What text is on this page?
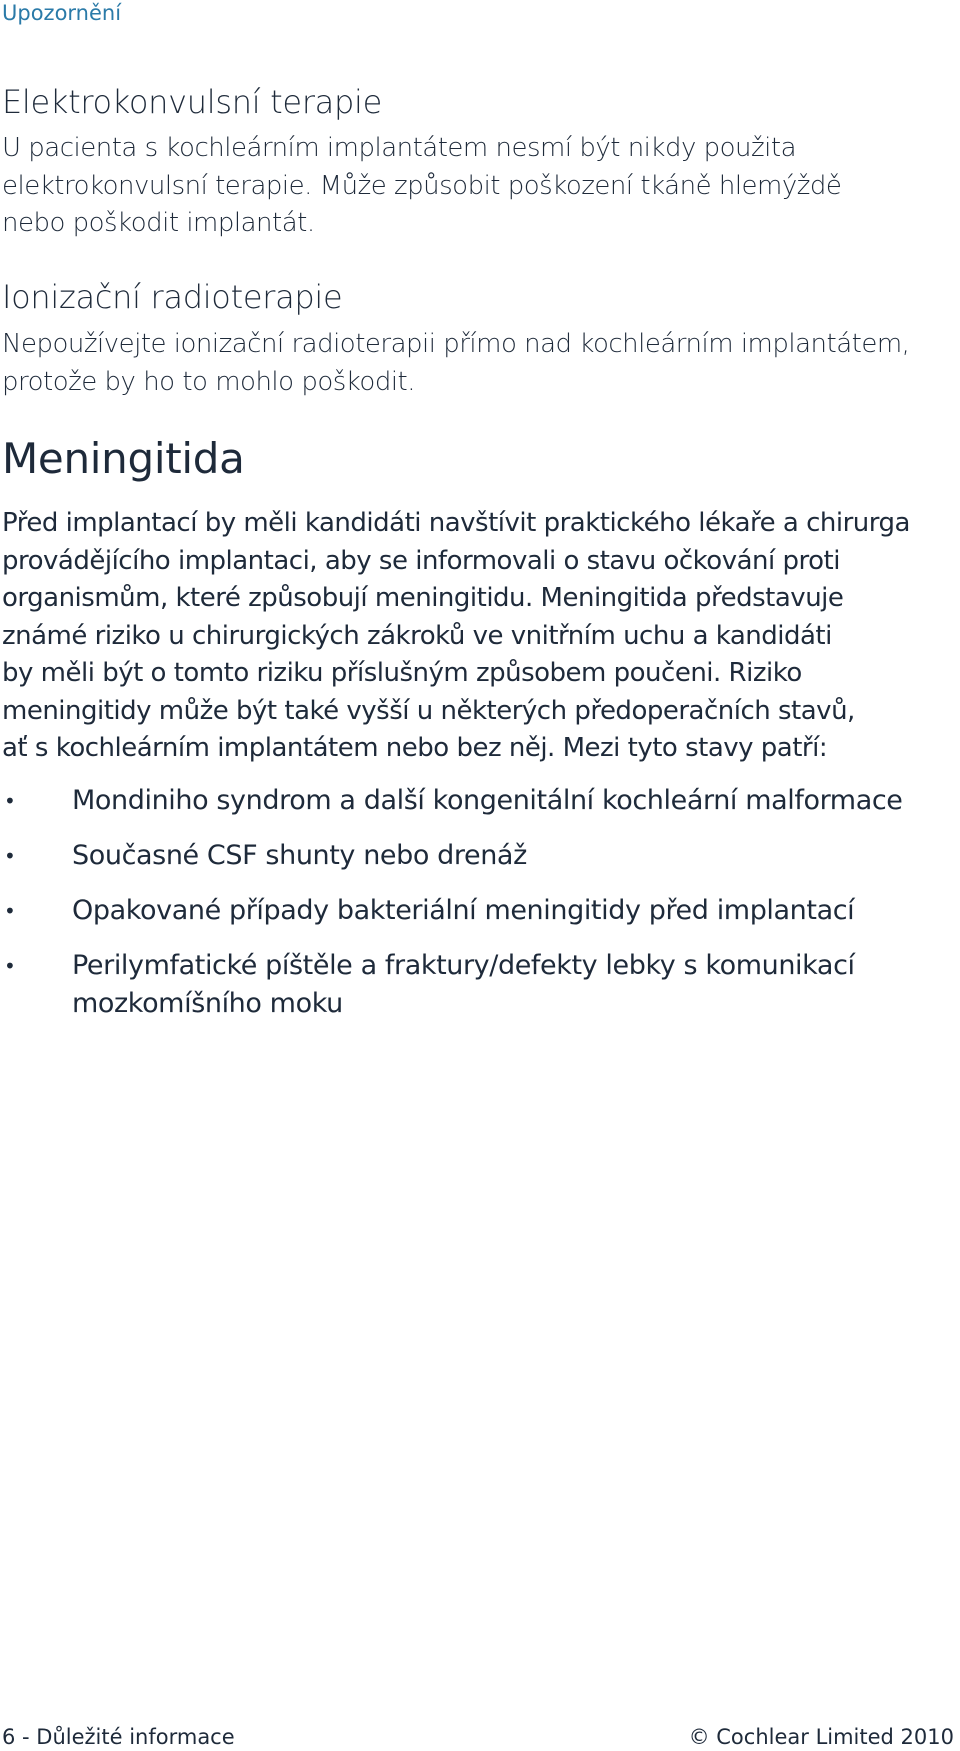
Upozornění
Elektrokonvulsní terapie
U pacienta s kochleárním implantátem nesmí být nikdy použita
elektrokonvulsní terapie. Může způsobit poškození tkáně hlemýždě
nebo poškodit implantát.
Ionizační radioterapie
Nepoužívejte ionizační radioterapii přímo nad kochleárním implantátem,
protože by ho to mohlo poškodit.
Meningitida
Před implantací by měli kandidáti navštívit praktického lékaře a chirurga
provádějícího implantaci, aby se informovali o stavu očkování proti
organismům, které způsobují meningitidu. Meningitida představuje
známé riziko u chirurgických zákroků ve vnitřním uchu a kandidáti
by měli být o tomto riziku příslušným způsobem poučeni. Riziko
meningitidy může být také vyšší u některých předoperačních stavů,
ať s kochleárním implantátem nebo bez něj. Mezi tyto stavy patří:
• Mondiniho syndrom a další kongenitální kochleární malformace
• Současné CSF shunty nebo drenáž
• Opakované případy bakteriální meningitidy před implantací
• Perilymfatické píštěle a fraktury/defekty lebky s komunikací
mozkomíšního moku
6 - Důležité informace	© Cochlear Limited 2010
